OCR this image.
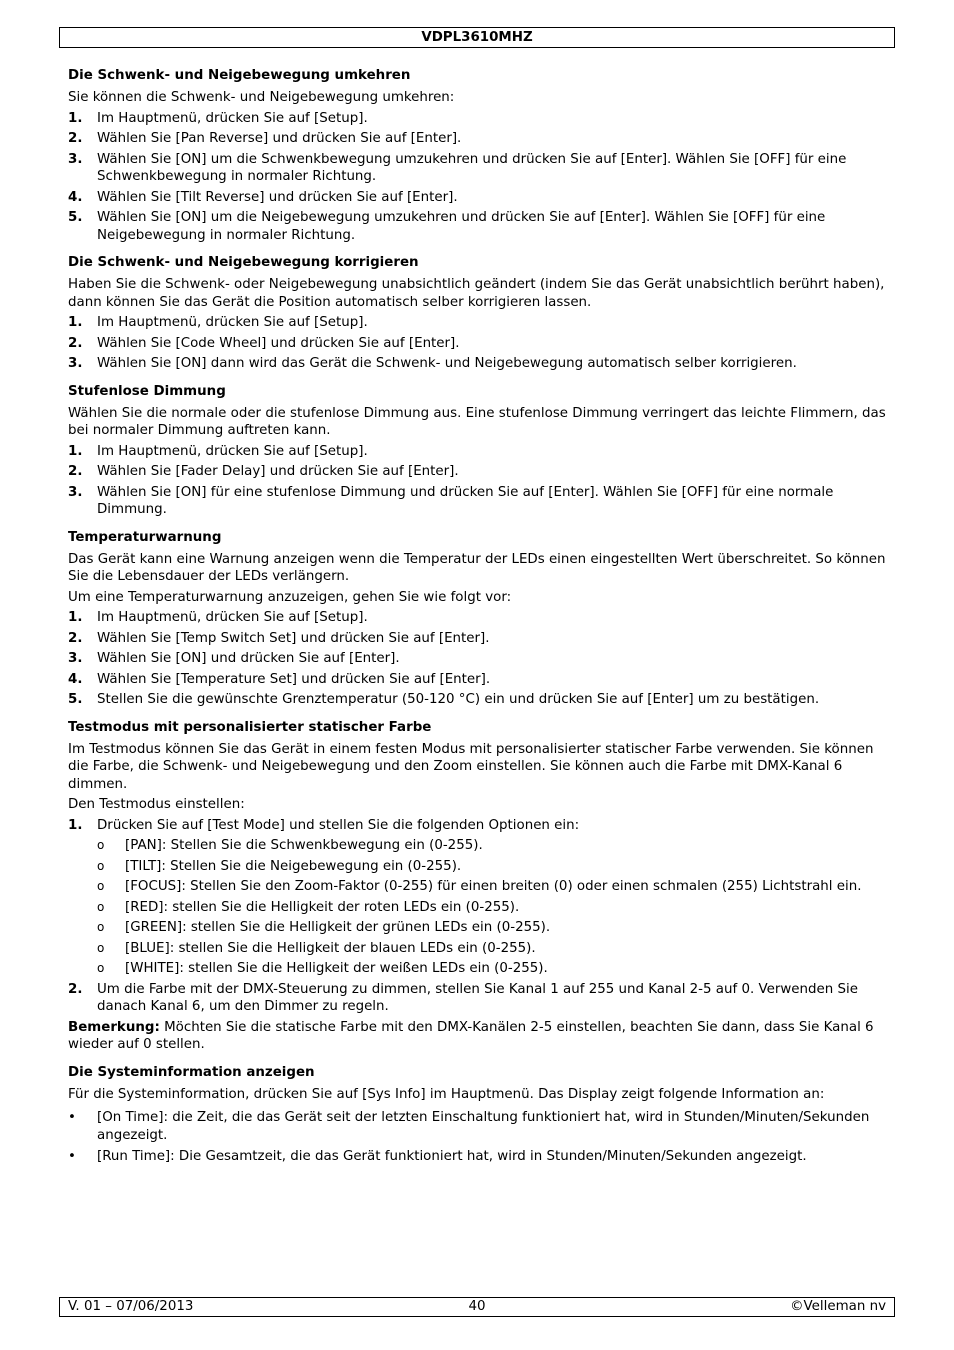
VDPL3610MHZ
Die Schwenk- und Neigebewegung umkehren

Sie können die Schwenk- und Neigebewegung umkehren:

1. Im Hauptmenü, drücken Sie auf [Setup].
2. Wählen Sie [Pan Reverse] und drücken Sie auf [Enter].
3. Wählen Sie [ON] um die Schwenkbewegung umzukehren und drücken Sie auf [Enter]. Wählen Sie [OFF] für eine Schwenkbewegung in normaler Richtung.
4. Wählen Sie [Tilt Reverse] und drücken Sie auf [Enter].
5. Wählen Sie [ON] um die Neigebewegung umzukehren und drücken Sie auf [Enter]. Wählen Sie [OFF] für eine Neigebewegung in normaler Richtung.
Die Schwenk- und Neigebewegung korrigieren

Haben Sie die Schwenk- oder Neigebewegung unabsichtlich geändert (indem Sie das Gerät unabsichtlich berührt haben), dann können Sie das Gerät die Position automatisch selber korrigieren lassen.

1. Im Hauptmenü, drücken Sie auf [Setup].
2. Wählen Sie [Code Wheel] und drücken Sie auf [Enter].
3. Wählen Sie [ON] dann wird das Gerät die Schwenk- und Neigebewegung automatisch selber korrigieren.
Stufenlose Dimmung

Wählen Sie die normale oder die stufenlose Dimmung aus. Eine stufenlose Dimmung verringert das leichte Flimmern, das bei normaler Dimmung auftreten kann.

1. Im Hauptmenü, drücken Sie auf [Setup].
2. Wählen Sie [Fader Delay] und drücken Sie auf [Enter].
3. Wählen Sie [ON] für eine stufenlose Dimmung und drücken Sie auf [Enter]. Wählen Sie [OFF] für eine normale Dimmung.
Temperaturwarnung

Das Gerät kann eine Warnung anzeigen wenn die Temperatur der LEDs einen eingestellten Wert überschreitet. So können Sie die Lebensdauer der LEDs verlängern.

Um eine Temperaturwarnung anzuzeigen, gehen Sie wie folgt vor:

1. Im Hauptmenü, drücken Sie auf [Setup].
2. Wählen Sie [Temp Switch Set] und drücken Sie auf [Enter].
3. Wählen Sie [ON] und drücken Sie auf [Enter].
4. Wählen Sie [Temperature Set] und drücken Sie auf [Enter].
5. Stellen Sie die gewünschte Grenztemperatur (50-120 °C) ein und drücken Sie auf [Enter] um zu bestätigen.
Testmodus mit personalisierter statischer Farbe

Im Testmodus können Sie das Gerät in einem festen Modus mit personalisierter statischer Farbe verwenden. Sie können die Farbe, die Schwenk- und Neigebewegung und den Zoom einstellen. Sie können auch die Farbe mit DMX-Kanal 6 dimmen.

Den Testmodus einstellen:

1. Drücken Sie auf [Test Mode] und stellen Sie die folgenden Optionen ein:
o [PAN]: Stellen Sie die Schwenkbewegung ein (0-255).
o [TILT]: Stellen Sie die Neigebewegung ein (0-255).
o [FOCUS]: Stellen Sie den Zoom-Faktor (0-255) für einen breiten (0) oder einen schmalen (255) Lichtstrahl ein.
o [RED]: stellen Sie die Helligkeit der roten LEDs ein (0-255).
o [GREEN]: stellen Sie die Helligkeit der grünen LEDs ein (0-255).
o [BLUE]: stellen Sie die Helligkeit der blauen LEDs ein (0-255).
o [WHITE]: stellen Sie die Helligkeit der weißen LEDs ein (0-255).
2. Um die Farbe mit der DMX-Steuerung zu dimmen, stellen Sie Kanal 1 auf 255 und Kanal 2-5 auf 0. Verwenden Sie danach Kanal 6, um den Dimmer zu regeln.

Bemerkung: Möchten Sie die statische Farbe mit den DMX-Kanälen 2-5 einstellen, beachten Sie dann, dass Sie Kanal 6 wieder auf 0 stellen.

Die Systeminformation anzeigen

Für die Systeminformation, drücken Sie auf [Sys Info] im Hauptmenü. Das Display zeigt folgende Information an:

• [On Time]: die Zeit, die das Gerät seit der letzten Einschaltung funktioniert hat, wird in Stunden/Minuten/Sekunden angezeigt.
• [Run Time]: Die Gesamtzeit, die das Gerät funktioniert hat, wird in Stunden/Minuten/Sekunden angezeigt.
V. 01 – 07/06/2013	40	©Velleman nv
